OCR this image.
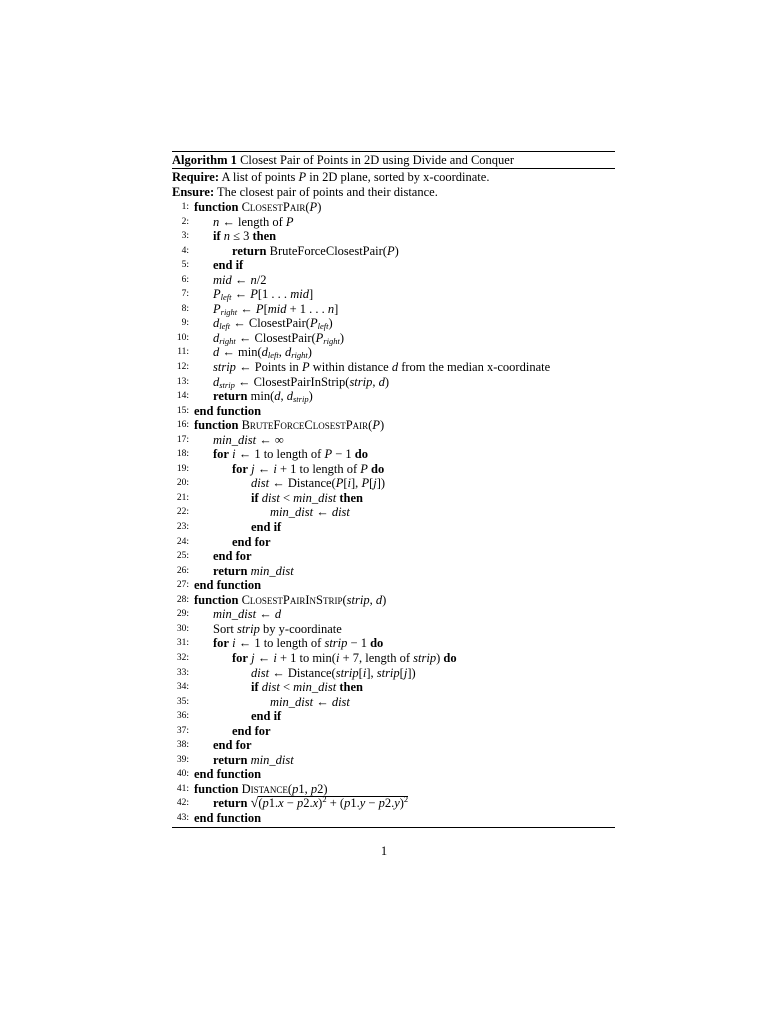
Algorithm 1 Closest Pair of Points in 2D using Divide and Conquer
Require: A list of points P in 2D plane, sorted by x-coordinate.
Ensure: The closest pair of points and their distance.
1: function ClosestPair(P)
2:	n ← length of P
3:	if n ≤ 3 then
4:	return BruteForceClosestPair(P)
5:	end if
6:	mid ← n/2
7:	$P_{left}$ ← P[1 . . . mid]
8:	$P_{right}$ ← P[mid + 1 . . . n]
9:	$d_{left}$ ← $ClosestPair(P_{left})$
10:	$d_{right}$ ← $ClosestPair(P_{right})$
11:	d ← $\min(d_{left}$, $d_{right}$)
12:	strip ← Points in P within distance d from the median x-coordinate
13:	$d_{strip}$ ← ClosestPairInStrip(strip, d)
14:	return min(d, $d_{strip}$)
15: end function
16: function BruteForceClosestPair(P)
17:	min_dist ← ∞
18:	for i ← 1 to length of P − 1 do
19:	for j ← i + 1 to length of P do
20:	dist ← Distance(P[i], P[j])
21:	if dist < min_dist then
22:	min_dist ← dist
23:	end if
24:	end for
25:	end for
26:	return min_dist
27: end function
28: function ClosestPairInStrip(strip, d)
29:	min_dist ← d
30:	Sort strip by y-coordinate
31:	for i ← 1 to length of strip − 1 do
32:	for j ← i + 1 to min(i + 7, length of strip) do
33:	dist ← Distance(strip[i], strip[j])
34:	if dist < min_dist then
35:	min_dist ← dist
36:	end if
37:	end for
38:	end for
39:	return min_dist
40: end function
41: function Distance(p1, p2)
42:	return $√(p1.x - p2.x)^2 + (p1.y - p2.y)^2$
43: end function
1
